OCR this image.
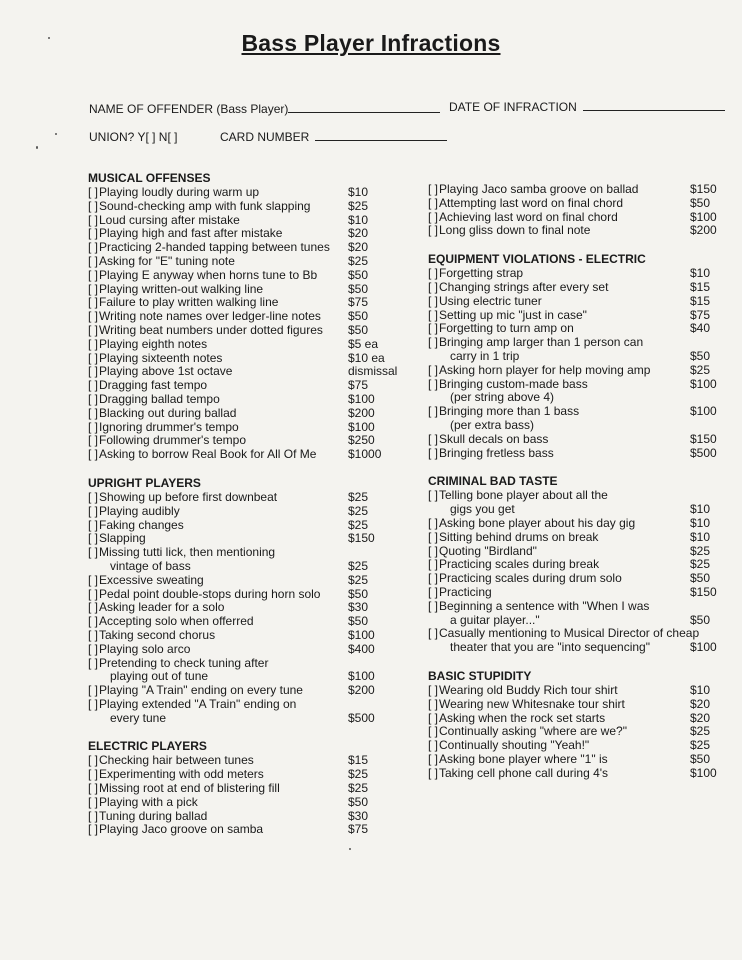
Bass Player Infractions
NAME OF OFFENDER (Bass Player)	DATE OF INFRACTION
UNION? Y[ ] N[ ]	CARD NUMBER
MUSICAL OFFENSES
[ ] Playing loudly during warm up	$10
[ ] Sound-checking amp with funk slapping	$25
[ ] Loud cursing after mistake	$10
[ ] Playing high and fast after mistake	$20
[ ] Practicing 2-handed tapping between tunes $20
[ ] Asking for "E" tuning note	$25
[ ] Playing E anyway when horns tune to Bb	$50
[ ] Playing written-out walking line	$50
[ ] Failure to play written walking line	$75
[ ] Writing note names over ledger-line notes $50
[ ] Writing beat numbers under dotted figures $50
[ ] Playing eighth notes	$5 ea
[ ] Playing sixteenth notes	$10 ea
[ ] Playing above 1st octave	dismissal
[ ] Dragging fast tempo	$75
[ ] Dragging ballad tempo	$100
[ ] Blacking out during ballad	$200
[ ] Ignoring drummer's tempo	$100
[ ] Following drummer's tempo	$250
[ ] Asking to borrow Real Book for All Of Me	$1000
UPRIGHT PLAYERS
[ ] Showing up before first downbeat	$25
[ ] Playing audibly	$25
[ ] Faking changes	$25
[ ] Slapping	$150
[ ] Missing tutti lick, then mentioning
vintage of bass	$25
[ ] Excessive sweating	$25
[ ] Pedal point double-stops during horn solo $50
[ ] Asking leader for a solo	$30
[ ] Accepting solo when offerred	$50
[ ] Taking second chorus	$100
[ ] Playing solo arco	$400
[ ] Pretending to check tuning after
playing out of tune	$100
[ ] Playing "A Train" ending on every tune	$200
[ ] Playing extended "A Train" ending on
every tune	$500
ELECTRIC PLAYERS
[ ] Checking hair between tunes	$15
[ ] Experimenting with odd meters	$25
[ ] Missing root at end of blistering fill	$25
[ ] Playing with a pick	$50
[ ] Tuning during ballad	$30
[ ] Playing Jaco groove on samba	$75
[ ] Playing Jaco samba groove on ballad	$150
[ ] Attempting last word on final chord	$50
[ ] Achieving last word on final chord	$100
[ ] Long gliss down to final note	$200
EQUIPMENT VIOLATIONS - ELECTRIC
[ ] Forgetting strap	$10
[ ] Changing strings after every set	$15
[ ] Using electric tuner	$15
[ ] Setting up mic "just in case"	$75
[ ] Forgetting to turn amp on	$40
[ ] Bringing amp larger than 1 person can
carry in 1 trip	$50
[ ] Asking horn player for help moving amp	$25
[ ] Bringing custom-made bass
(per string above 4)
$100
[ ] Bringing more than 1 bass
(per extra bass)
$100
[ ] Skull decals on bass	$150
[ ] Bringing fretless bass	$500
CRIMINAL BAD TASTE
[ ] Telling bone player about all the
gigs you get	$10
[ ] Asking bone player about his day gig	$10
[ ] Sitting behind drums on break	$10
[ ] Quoting "Birdland"	$25
[ ] Practicing scales during break	$25
[ ] Practicing scales during drum solo	$50
[ ] Practicing	$150
[ ] Beginning a sentence with "When I was
a guitar player..."	$50
[ ] Casually mentioning to Musical Director of cheap
theater that you are "into sequencing"	$100
BASIC STUPIDITY
[ ] Wearing old Buddy Rich tour shirt	$10
[ ] Wearing new Whitesnake tour shirt	$20
[ ] Asking when the rock set starts	$20
[ ] Continually asking "where are we?"	$25
[ ] Continually shouting "Yeah!"	$25
[ ] Asking bone player where "1" is	$50
[ ] Taking cell phone call during 4's	$100
